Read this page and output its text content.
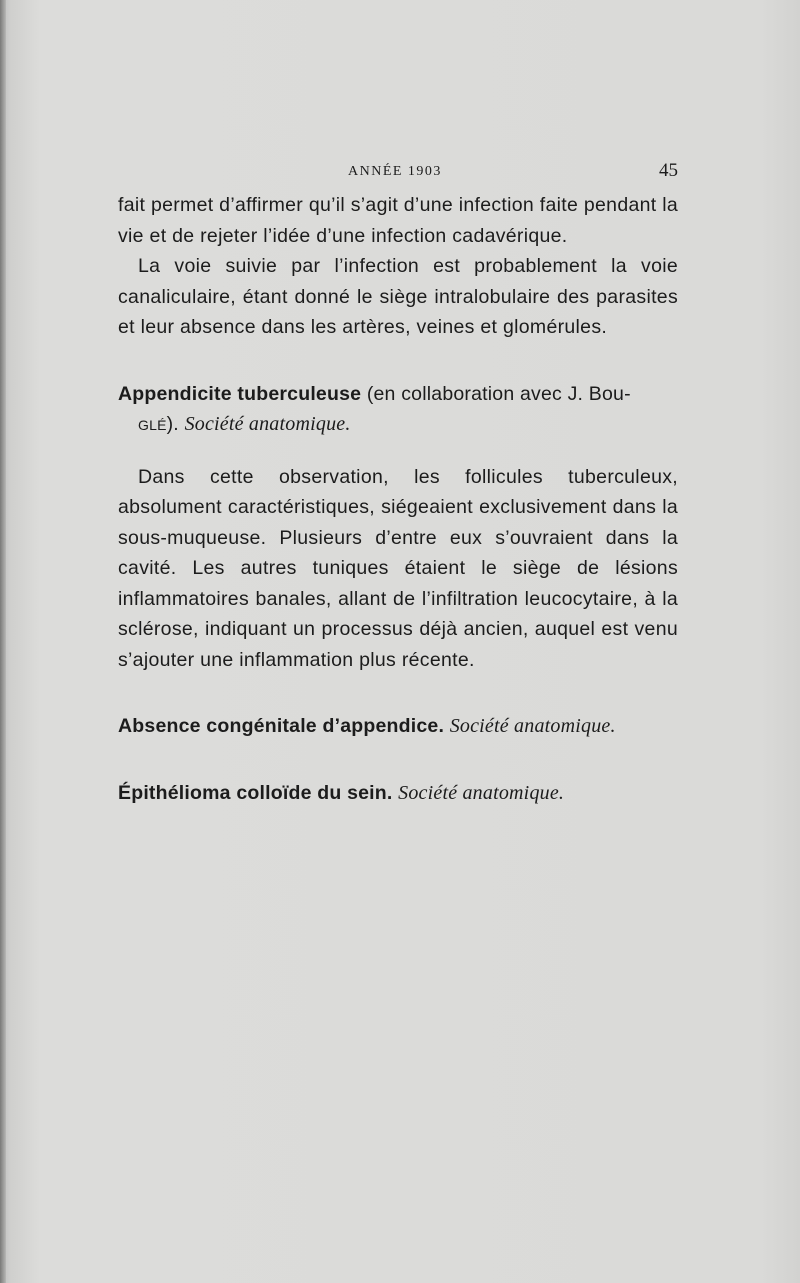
ANNÉE 1903	45

fait permet d’affirmer qu’il s’agit d’une infection faite pendant la vie et de rejeter l’idée d’une infection cadavérique.

La voie suivie par l’infection est probablement la voie canaliculaire, étant donné le siège intralobulaire des parasites et leur absence dans les artères, veines et glomérules.

Appendicite tuberculeuse (en collaboration avec J. Bou-
glé). Société anatomique.

Dans cette observation, les follicules tuberculeux, absolument caractéristiques, siégeaient exclusivement dans la sous-muqueuse. Plusieurs d’entre eux s’ouvraient dans la cavité. Les autres tuniques étaient le siège de lésions inflammatoires banales, allant de l’infiltration leucocytaire, à la sclérose, indiquant un processus déjà ancien, auquel est venu s’ajouter une inflammation plus récente.

Absence congénitale d’appendice. Société anatomique.

Épithélioma colloïde du sein. Société anatomique.
